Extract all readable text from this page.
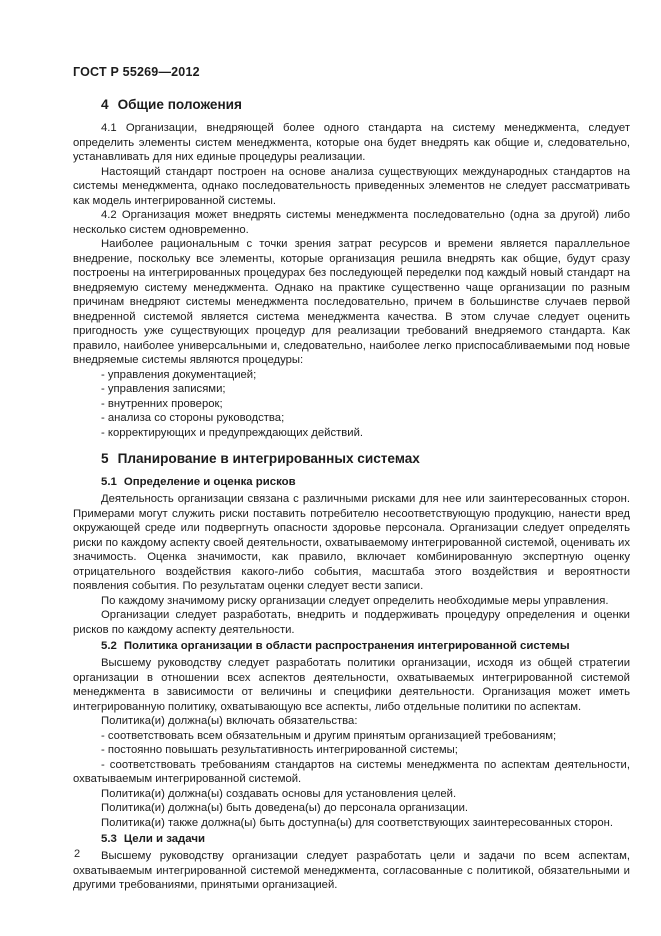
ГОСТ Р 55269—2012
4 Общие положения

4.1 Организации, внедряющей более одного стандарта на систему менеджмента, следует определить элементы систем менеджмента, которые она будет внедрять как общие и, следовательно, устанавливать для них единые процедуры реализации.

Настоящий стандарт построен на основе анализа существующих международных стандартов на системы менеджмента, однако последовательность приведенных элементов не следует рассматривать как модель интегрированной системы.

4.2 Организация может внедрять системы менеджмента последовательно (одна за другой) либо несколько систем одновременно.

Наиболее рациональным с точки зрения затрат ресурсов и времени является параллельное внедрение, поскольку все элементы, которые организация решила внедрять как общие, будут сразу построены на интегрированных процедурах без последующей переделки под каждый новый стандарт на внедряемую систему менеджмента. Однако на практике существенно чаще организации по разным причинам внедряют системы менеджмента последовательно, причем в большинстве случаев первой внедренной системой является система менеджмента качества. В этом случае следует оценить пригодность уже существующих процедур для реализации требований внедряемого стандарта. Как правило, наиболее универсальными и, следовательно, наиболее легко приспосабливаемыми под новые внедряемые системы являются процедуры:

- управления документацией;

- управления записями;

- внутренних проверок;

- анализа со стороны руководства;

- корректирующих и предупреждающих действий.

5 Планирование в интегрированных системах
5.1 Определение и оценка рисков

Деятельность организации связана с различными рисками для нее или заинтересованных сторон. Примерами могут служить риски поставить потребителю несоответствующую продукцию, нанести вред окружающей среде или подвергнуть опасности здоровье персонала. Организации следует определять риски по каждому аспекту своей деятельности, охватываемому интегрированной системой, оценивать их значимость. Оценка значимости, как правило, включает комбинированную экспертную оценку отрицательного воздействия какого-либо события, масштаба этого воздействия и вероятности появления события. По результатам оценки следует вести записи.

По каждому значимому риску организации следует определить необходимые меры управления.

Организации следует разработать, внедрить и поддерживать процедуру определения и оценки рисков по каждому аспекту деятельности.

5.2 Политика организации в области распространения интегрированной системы

Высшему руководству следует разработать политики организации, исходя из общей стратегии организации в отношении всех аспектов деятельности, охватываемых интегрированной системой менеджмента в зависимости от величины и специфики деятельности. Организация может иметь интегрированную политику, охватывающую все аспекты, либо отдельные политики по аспектам.

Политика(и) должна(ы) включать обязательства:

- соответствовать всем обязательным и другим принятым организацией требованиям;

- постоянно повышать результативность интегрированной системы;

- соответствовать требованиям стандартов на системы менеджмента по аспектам деятельности, охватываемым интегрированной системой.

Политика(и) должна(ы) создавать основы для установления целей.

Политика(и) должна(ы) быть доведена(ы) до персонала организации.

Политика(и) также должна(ы) быть доступна(ы) для соответствующих заинтересованных сторон.

5.3 Цели и задачи

Высшему руководству организации следует разработать цели и задачи по всем аспектам, охватываемым интегрированной системой менеджмента, согласованные с политикой, обязательными и другими требованиями, принятыми организацией.

2
